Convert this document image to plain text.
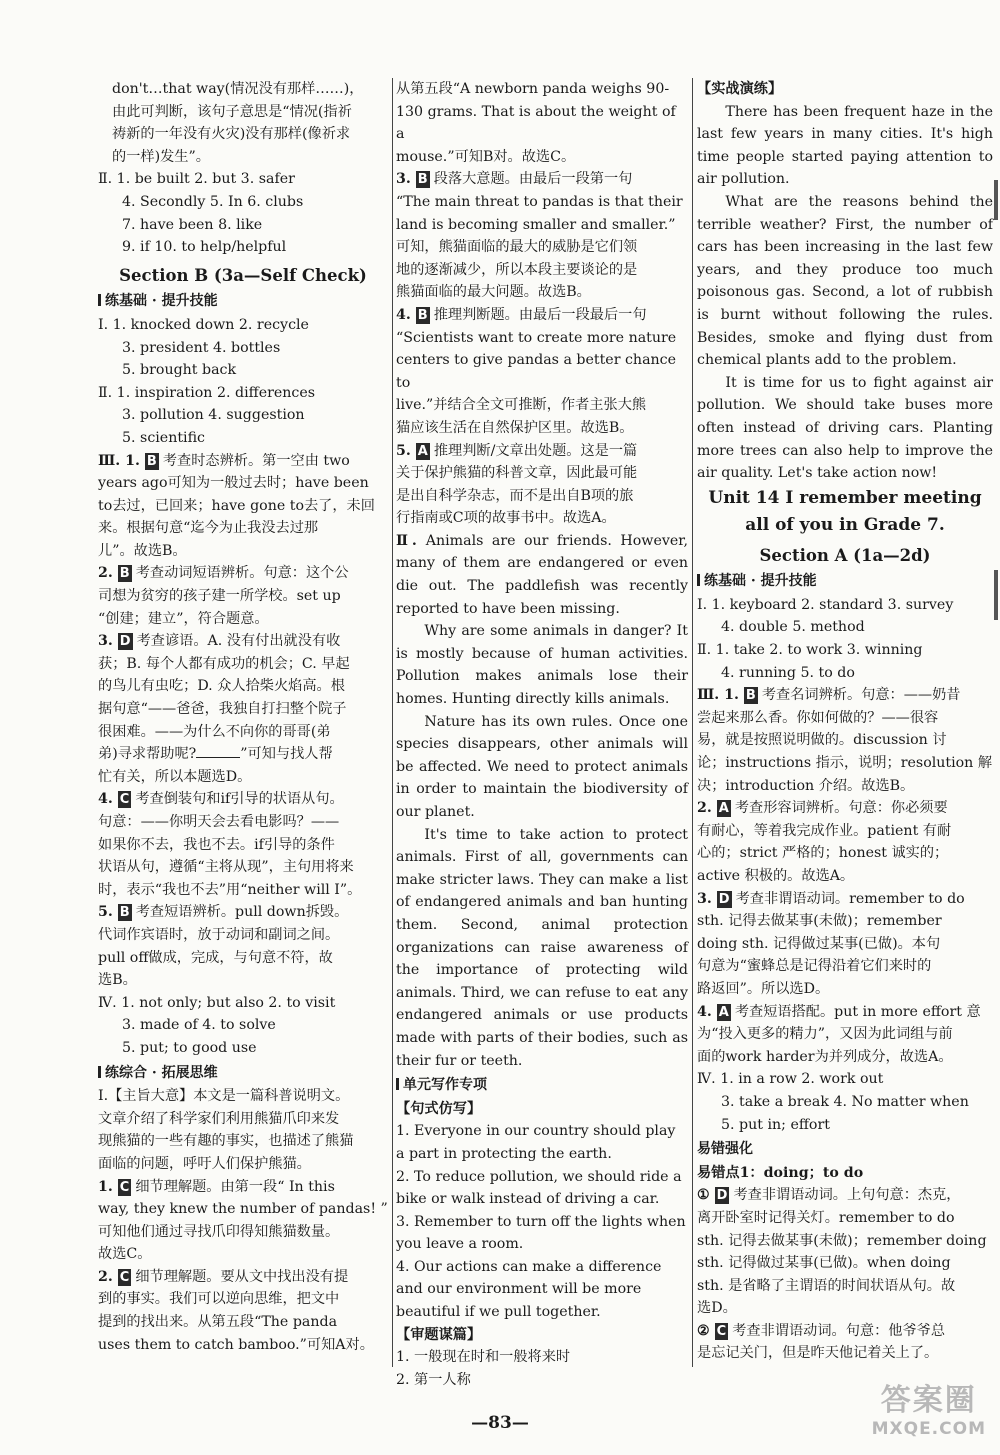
don't…that way(情况没有那样……)，

由此可判断，该句子意思是“情况(指祈

祷新的一年没有火灾)没有那样(像祈求

的一样)发生”。

Ⅱ. 1. be built 2. but 3. safer

4. Secondly 5. In 6. clubs

7. have been 8. like

9. if 10. to help/helpful

Section B (3a—Self Check)
练基础 · 提升技能

Ⅰ. 1. knocked down 2. recycle

3. president 4. bottles

5. brought back

Ⅱ. 1. inspiration 2. differences

3. pollution 4. suggestion

5. scientific

Ⅲ. 1. B 考查时态辨析。第一空由 two

years ago可知为一般过去时；have been

to去过，已回来；have gone to去了，未回

来。根据句意“迄今为止我没去过那

儿”。故选B。

2. B 考查动词短语辨析。句意：这个公

司想为贫穷的孩子建一所学校。set up

“创建；建立”，符合题意。

3. D 考查谚语。A. 没有付出就没有收

获；B. 每个人都有成功的机会；C. 早起

的鸟儿有虫吃；D. 众人拾柴火焰高。根

据句意“——爸爸，我独自打扫整个院子

很困难。——为什么不向你的哥哥(弟

弟)寻求帮助呢?	”可知与找人帮

忙有关，所以本题选D。

4. C 考查倒装句和if引导的状语从句。

句意：——你明天会去看电影吗？——

如果你不去，我也不去。if引导的条件

状语从句，遵循“主将从现”，主句用将来

时，表示“我也不去”用“neither will I”。

5. B 考查短语辨析。pull down拆毁。

代词作宾语时，放于动词和副词之间。

pull off做成，完成，与句意不符，故

选B。

Ⅳ. 1. not only; but also 2. to visit

3. made of 4. to solve

5. put; to good use

练综合 · 拓展思维

Ⅰ.【主旨大意】本文是一篇科普说明文。

文章介绍了科学家们利用熊猫爪印来发

现熊猫的一些有趣的事实，也描述了熊猫

面临的问题，呼吁人们保护熊猫。

1. C 细节理解题。由第一段“ In this

way, they knew the number of pandas! ”

可知他们通过寻找爪印得知熊猫数量。

故选C。

2. C 细节理解题。要从文中找出没有提

到的事实。我们可以逆向思维，把文中

提到的找出来。从第五段“The panda

uses them to catch bamboo.”可知A对。

从第五段“A newborn panda weighs 90-

130 grams. That is about the weight of a

mouse.”可知B对。故选C。

3. B 段落大意题。由最后一段第一句

“The main threat to pandas is that their

land is becoming smaller and smaller.”

可知，熊猫面临的最大的威胁是它们领

地的逐渐减少，所以本段主要谈论的是

熊猫面临的最大问题。故选B。

4. B 推理判断题。由最后一段最后一句

“Scientists want to create more nature

centers to give pandas a better chance to

live.”并结合全文可推断，作者主张大熊

猫应该生活在自然保护区里。故选B。

5. A 推理判断/文章出处题。这是一篇

关于保护熊猫的科普文章，因此最可能

是出自科学杂志，而不是出自B项的旅

行指南或C项的故事书中。故选A。

Ⅱ. Animals are our friends. However, many of them are endangered or even die out. The paddlefish was recently reported to have been missing.

Why are some animals in danger? It is mostly because of human activities. Pollution makes animals lose their homes. Hunting directly kills animals.

Nature has its own rules. Once one species disappears, other animals will be affected. We need to protect animals in order to maintain the biodiversity of our planet.

It's time to take action to protect animals. First of all, governments can make stricter laws. They can make a list of endangered animals and ban hunting them. Second, animal protection organizations can raise awareness of the importance of protecting wild animals. Third, we can refuse to eat any endangered animals or use products made with parts of their bodies, such as their fur or teeth.

单元写作专项
【句式仿写】

1. Everyone in our country should play a part in protecting the earth.

2. To reduce pollution, we should ride a bike or walk instead of driving a car.

3. Remember to turn off the lights when you leave a room.

4. Our actions can make a difference and our environment will be more beautiful if we pull together.

【审题谋篇】

1. 一般现在时和一般将来时

2. 第一人称

【实战演练】

There has been frequent haze in the last few years in many cities. It's high time people started paying attention to air pollution.

What are the reasons behind the terrible weather? First, the number of cars has been increasing in the last few years, and they produce too much poisonous gas. Second, a lot of rubbish is burnt without following the rules. Besides, smoke and flying dust from chemical plants add to the problem.

It is time for us to fight against air pollution. We should take buses more often instead of driving cars. Planting more trees can also help to improve the air quality. Let's take action now!

Unit 14 I remember meeting

all of you in Grade 7.

Section A (1a—2d)
练基础 · 提升技能

Ⅰ. 1. keyboard 2. standard 3. survey

4. double 5. method

Ⅱ. 1. take 2. to work 3. winning

4. running 5. to do

Ⅲ. 1. B 考查名词辨析。句意：——奶昔

尝起来那么香。你如何做的？——很容

易，就是按照说明做的。discussion 讨

论；instructions 指示，说明；resolution 解

决；introduction 介绍。故选B。

2. A 考查形容词辨析。句意：你必须要

有耐心，等着我完成作业。patient 有耐

心的；strict 严格的；honest 诚实的；

active 积极的。故选A。

3. D 考查非谓语动词。remember to do

sth. 记得去做某事(未做)；remember

doing sth. 记得做过某事(已做)。本句

句意为“蜜蜂总是记得沿着它们来时的

路返回”。所以选D。

4. A 考查短语搭配。put in more effort 意

为“投入更多的精力”，又因为此词组与前

面的work harder为并列成分，故选A。

Ⅳ. 1. in a row 2. work out

3. take a break 4. No matter when

5. put in; effort

易错强化
易错点1：doing；to do

① D 考查非谓语动词。上句句意：杰克，

离开卧室时记得关灯。remember to do

sth. 记得去做某事(未做)；remember doing

sth. 记得做过某事(已做)。when doing

sth. 是省略了主谓语的时间状语从句。故

选D。

② C 考查非谓语动词。句意：他爷爷总

是忘记关门，但是昨天他记着关上了。

—83—
答案圈
MXQE.COM
